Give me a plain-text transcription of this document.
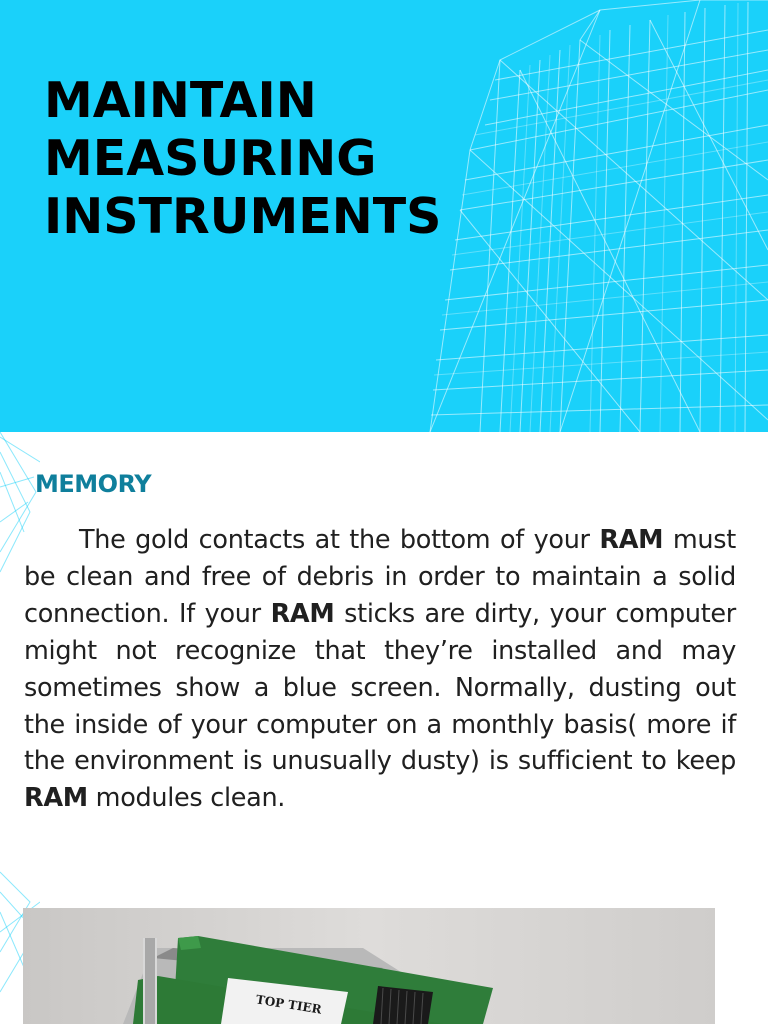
MAINTAIN
MEASURING
INSTRUMENTS
MEMORY

The gold contacts at the bottom of your RAM must be clean and free of debris in order to maintain a solid connection. If your RAM sticks are dirty, your computer might not recognize that they’re installed and may sometimes show a blue screen. Normally, dusting out the inside of your computer on a monthly basis( more if the environment is unusually dusty) is sufficient to keep RAM modules clean.

TOP TIER
